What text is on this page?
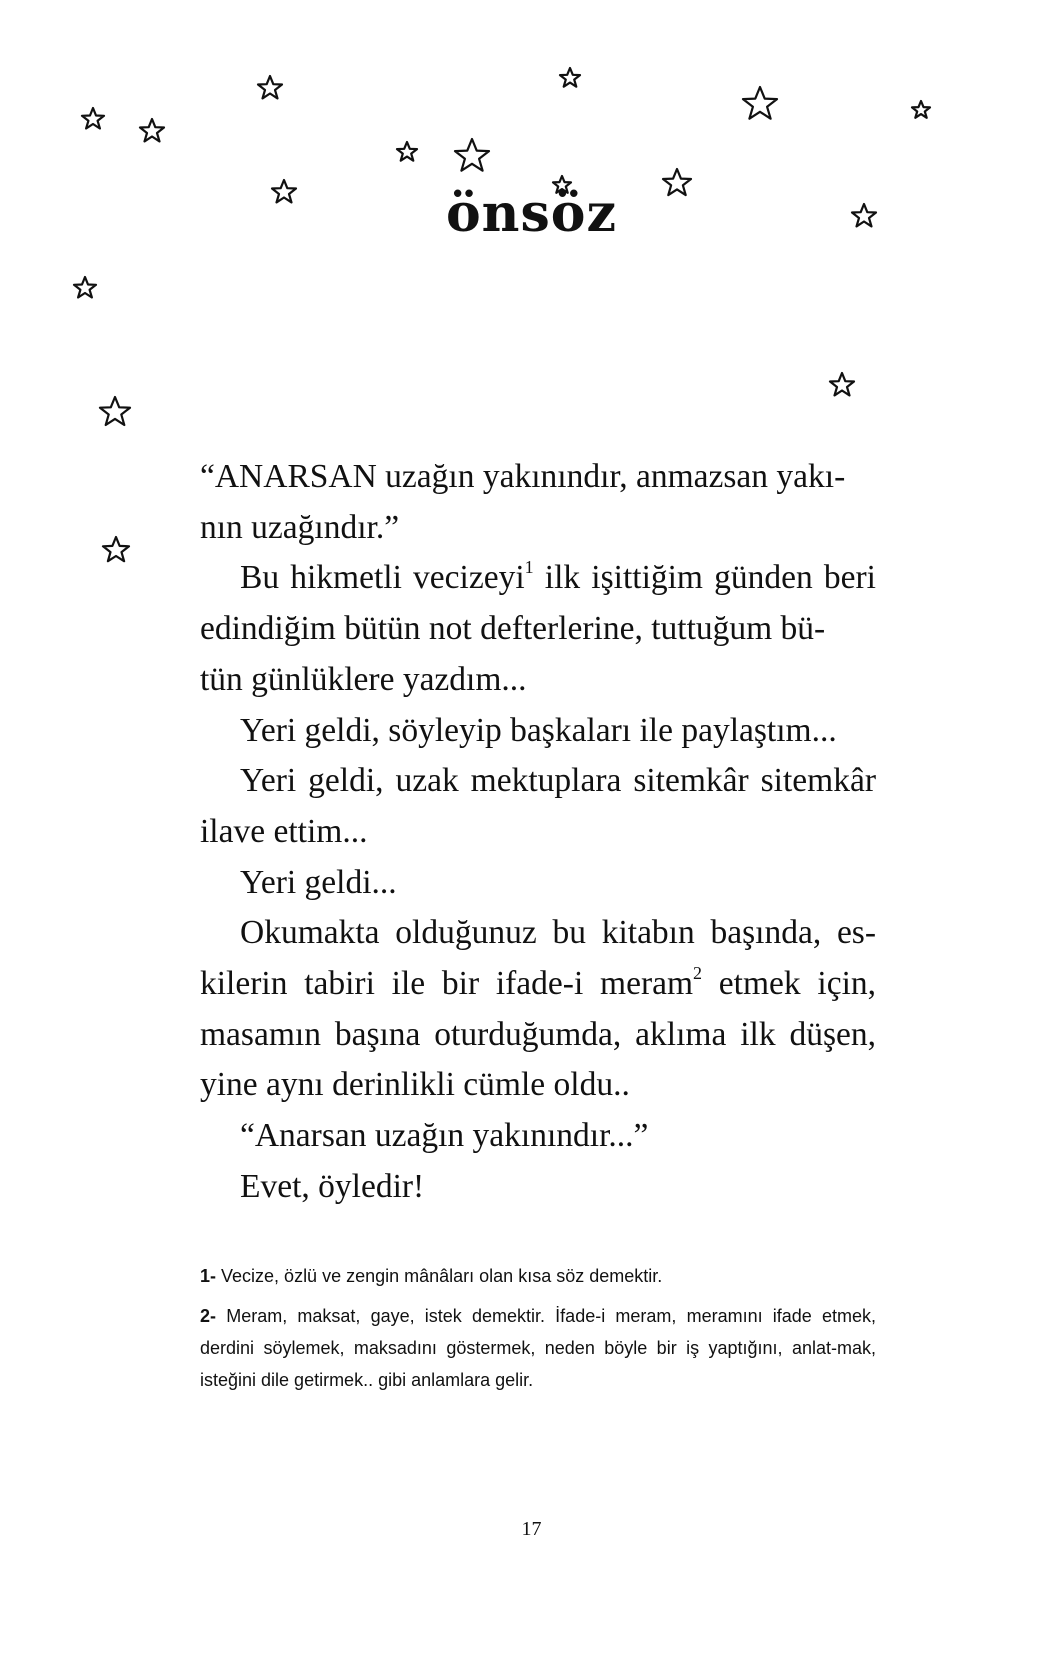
önsöz

“ANARSAN uzağın yakınındır, anmazsan yakı-
nın uzağındır.”

Bu hikmetli vecizeyi$^1$ ilk işittiğim günden beri edindiğim bütün not defterlerine, tuttuğum bü-
tün günlüklere yazdım...

Yeri geldi, söyleyip başkaları ile paylaştım...

Yeri geldi, uzak mektuplara sitemkâr sitemkâr ilave ettim...

Yeri geldi...

Okumakta olduğunuz bu kitabın başında, es-kilerin tabiri ile bir ifade-i meram$^2$ etmek için, masamın başına oturduğumda, aklıma ilk düşen, yine aynı derinlikli cümle oldu..

“Anarsan uzağın yakınındır...”

Evet, öyledir!

1- Vecize, özlü ve zengin mânâları olan kısa söz demektir.

2- Meram, maksat, gaye, istek demektir. İfade-i meram, meramını ifade etmek, derdini söylemek, maksadını göstermek, neden böyle bir iş yaptığını, anlat-mak, isteğini dile getirmek.. gibi anlamlara gelir.

17
